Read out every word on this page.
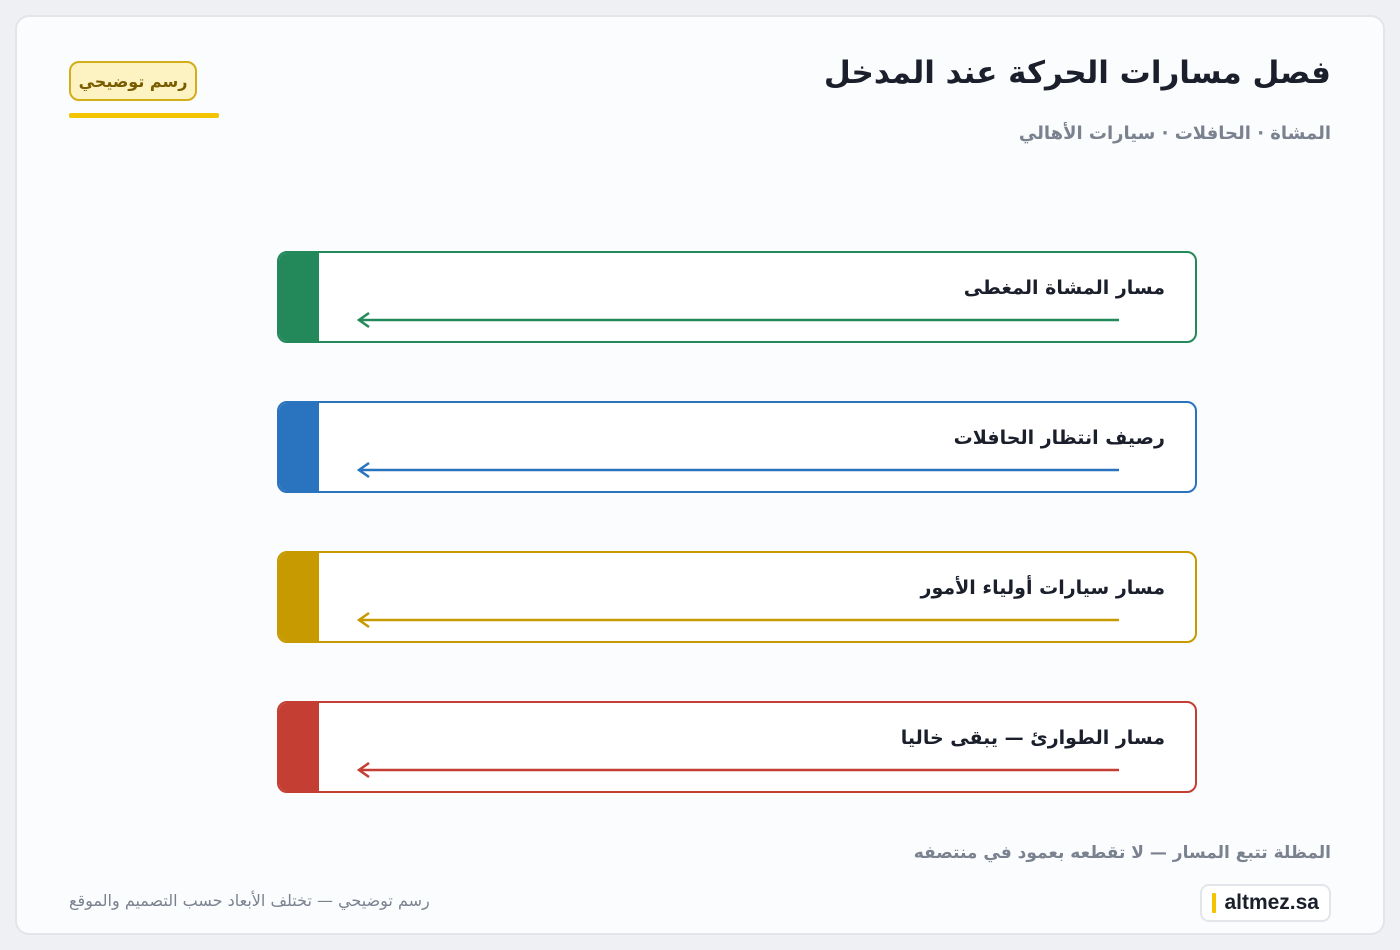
فصل مسارات الحركة عند المدخل
المشاة · الحافلات · سيارات الأهالي
رسم توضيحي
مسار المشاة المغطى
رصيف انتظار الحافلات
مسار سيارات أولياء الأمور
مسار الطوارئ — يبقى خاليا
المظلة تتبع المسار — لا تقطعه بعمود في منتصفه
رسم توضيحي — تختلف الأبعاد حسب التصميم والموقع	altmez.sa
